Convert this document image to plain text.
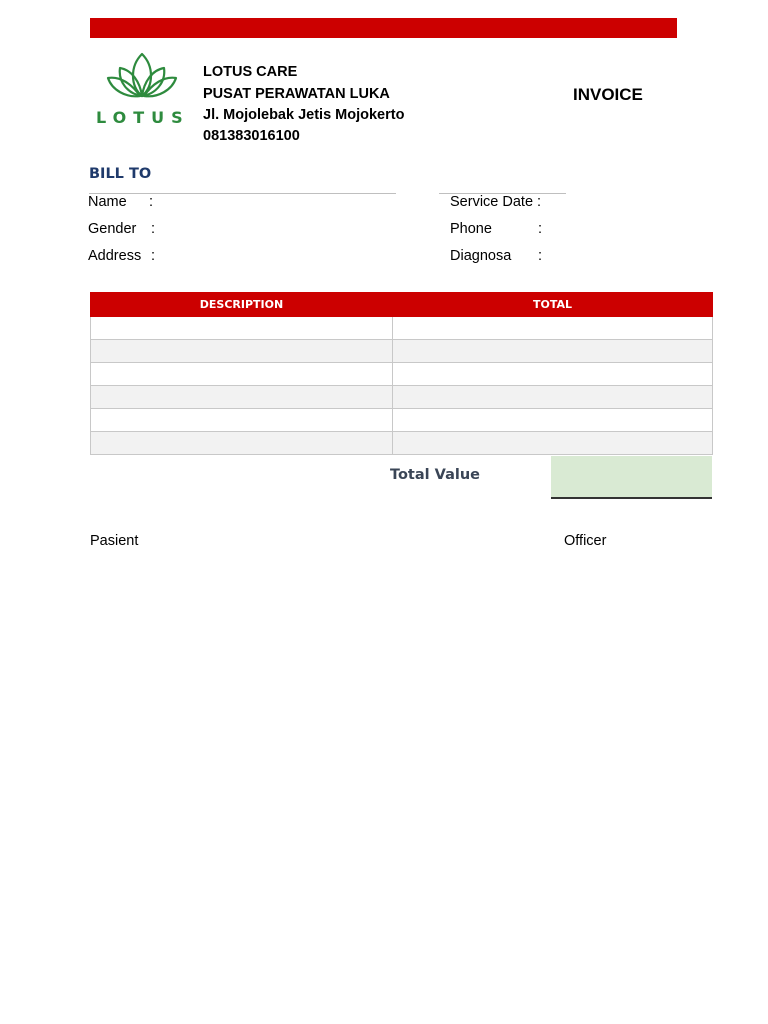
LOTUS
LOTUS CARE
PUSAT PERAWATAN LUKA
Jl. Mojolebak Jetis Mojokerto
081383016100
INVOICE
BILL TO
Name :
Gender :
Address :
Service Date :
Phone	:
Diagnosa :
DESCRIPTION	TOTAL

Total Value
Pasient	Officer
